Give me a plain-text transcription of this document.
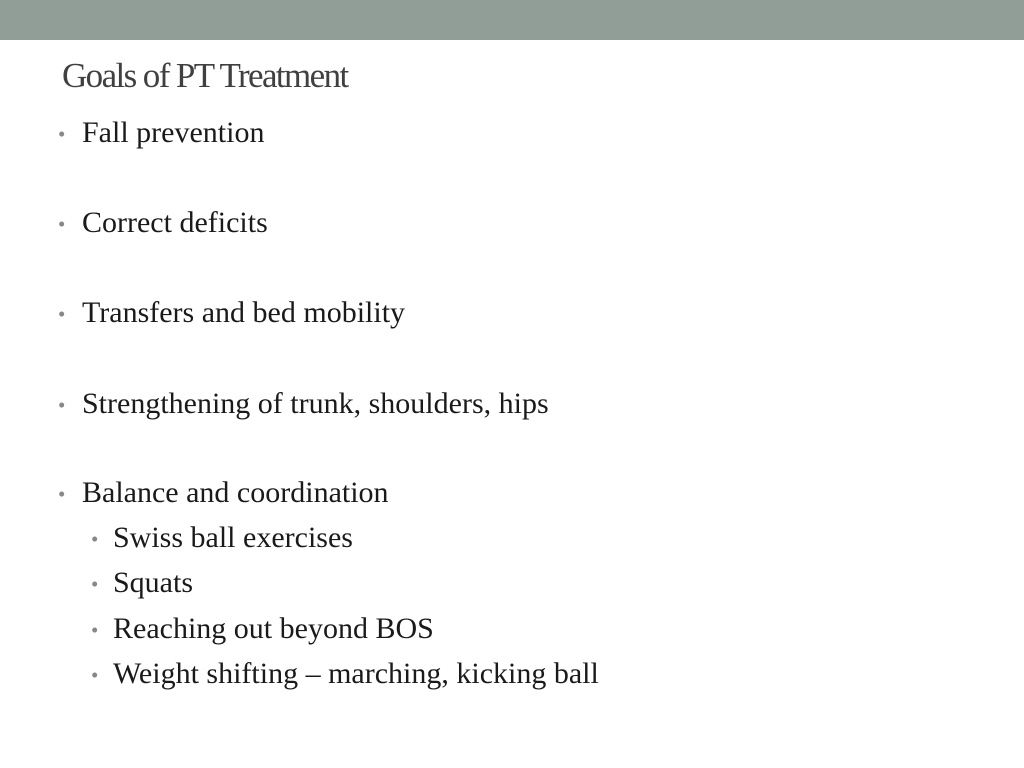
Goals of PT Treatment
• Fall prevention
• Correct deficits
• Transfers and bed mobility
• Strengthening of trunk, shoulders, hips
• Balance and coordination
• Swiss ball exercises
• Squats
• Reaching out beyond BOS
• Weight shifting – marching, kicking ball
